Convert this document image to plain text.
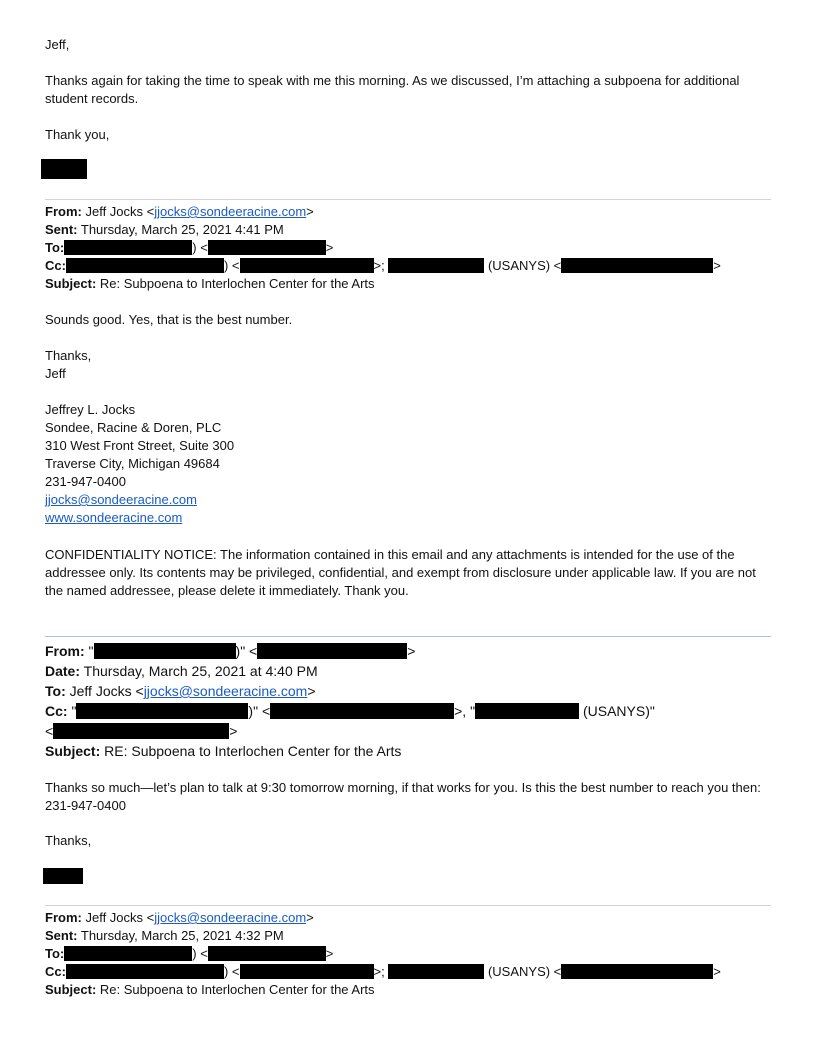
Jeff,
Thanks again for taking the time to speak with me this morning. As we discussed, I’m attaching a subpoena for additional student records.
Thank you,
From: Jeff Jocks <jjocks@sondeeracine.com>
Sent: Thursday, March 25, 2021 4:41 PM
To:	) <	>
Cc:	) <	>;	(USANYS) <	>
Subject: Re: Subpoena to Interlochen Center for the Arts
Sounds good. Yes, that is the best number.
Thanks,
Jeff
Jeffrey L. Jocks
Sondee, Racine & Doren, PLC
310 West Front Street, Suite 300
Traverse City, Michigan 49684
231-947-0400
jjocks@sondeeracine.com
www.sondeeracine.com
CONFIDENTIALITY NOTICE: The information contained in this email and any attachments is intended for the use of the addressee only. Its contents may be privileged, confidential, and exempt from disclosure under applicable law. If you are not the named addressee, please delete it immediately. Thank you.
From: "	)" <	>
Date: Thursday, March 25, 2021 at 4:40 PM
To: Jeff Jocks <jjocks@sondeeracine.com>
Cc: "	)" <	>, "	(USANYS)"
<	>
Subject: RE: Subpoena to Interlochen Center for the Arts
Thanks so much—let’s plan to talk at 9:30 tomorrow morning, if that works for you. Is this the best number to reach you then: 231-947-0400
Thanks,
From: Jeff Jocks <jjocks@sondeeracine.com>
Sent: Thursday, March 25, 2021 4:32 PM
To:	) <	>
Cc:	) <	>;	(USANYS) <	>
Subject: Re: Subpoena to Interlochen Center for the Arts
